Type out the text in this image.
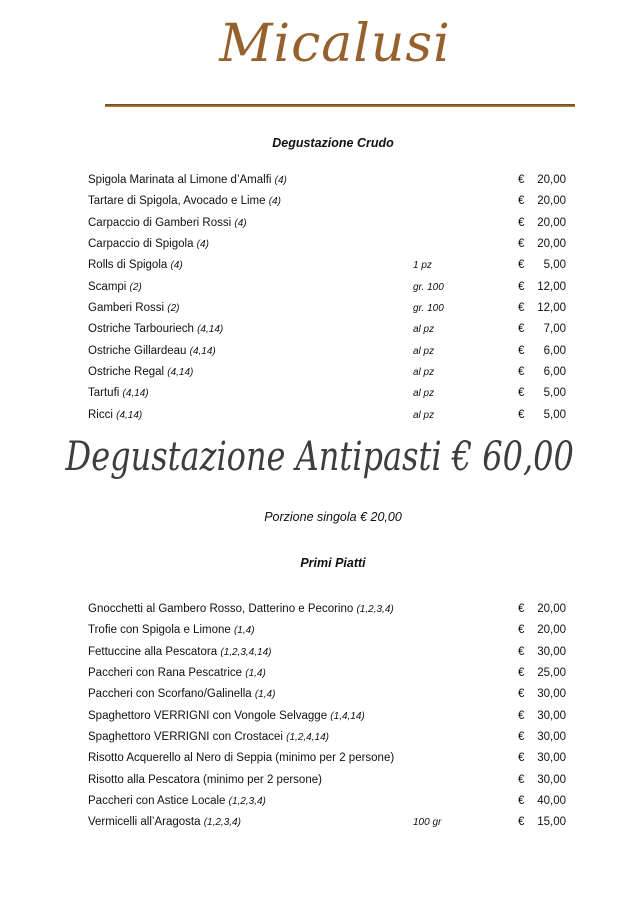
Micalusi
Degustazione Crudo
Spigola Marinata al Limone d’Amalfi (4)	€ 20,00
Tartare di Spigola, Avocado e Lime (4)	€ 20,00
Carpaccio di Gamberi Rossi (4)	€ 20,00
Carpaccio di Spigola (4)	€ 20,00
Rolls di Spigola (4)	1 pz	€ 5,00
Scampi (2)	gr. 100	€ 12,00
Gamberi Rossi (2)	gr. 100	€ 12,00
Ostriche Tarbouriech (4,14)	al pz	€ 7,00
Ostriche Gillardeau (4,14)	al pz	€ 6,00
Ostriche Regal (4,14)	al pz	€ 6,00
Tartufi (4,14)	al pz	€ 5,00
Ricci (4,14)	al pz	€ 5,00
Degustazione Antipasti € 60,00
Porzione singola € 20,00
Primi Piatti
Gnocchetti al Gambero Rosso, Datterino e Pecorino (1,2,3,4)	€ 20,00
Trofie con Spigola e Limone (1,4)	€ 20,00
Fettuccine alla Pescatora (1,2,3,4,14)	€ 30,00
Paccheri con Rana Pescatrice (1,4)	€ 25,00
Paccheri con Scorfano/Galinella (1,4)	€ 30,00
Spaghettoro VERRIGNI con Vongole Selvagge (1,4,14)	€ 30,00
Spaghettoro VERRIGNI con Crostacei (1,2,4,14)	€ 30,00
Risotto Acquerello al Nero di Seppia (minimo per 2 persone)	€ 30,00
Risotto alla Pescatora (minimo per 2 persone)	€ 30,00
Paccheri con Astice Locale (1,2,3,4)	€ 40,00
Vermicelli all’Aragosta (1,2,3,4)	100 gr	€ 15,00
